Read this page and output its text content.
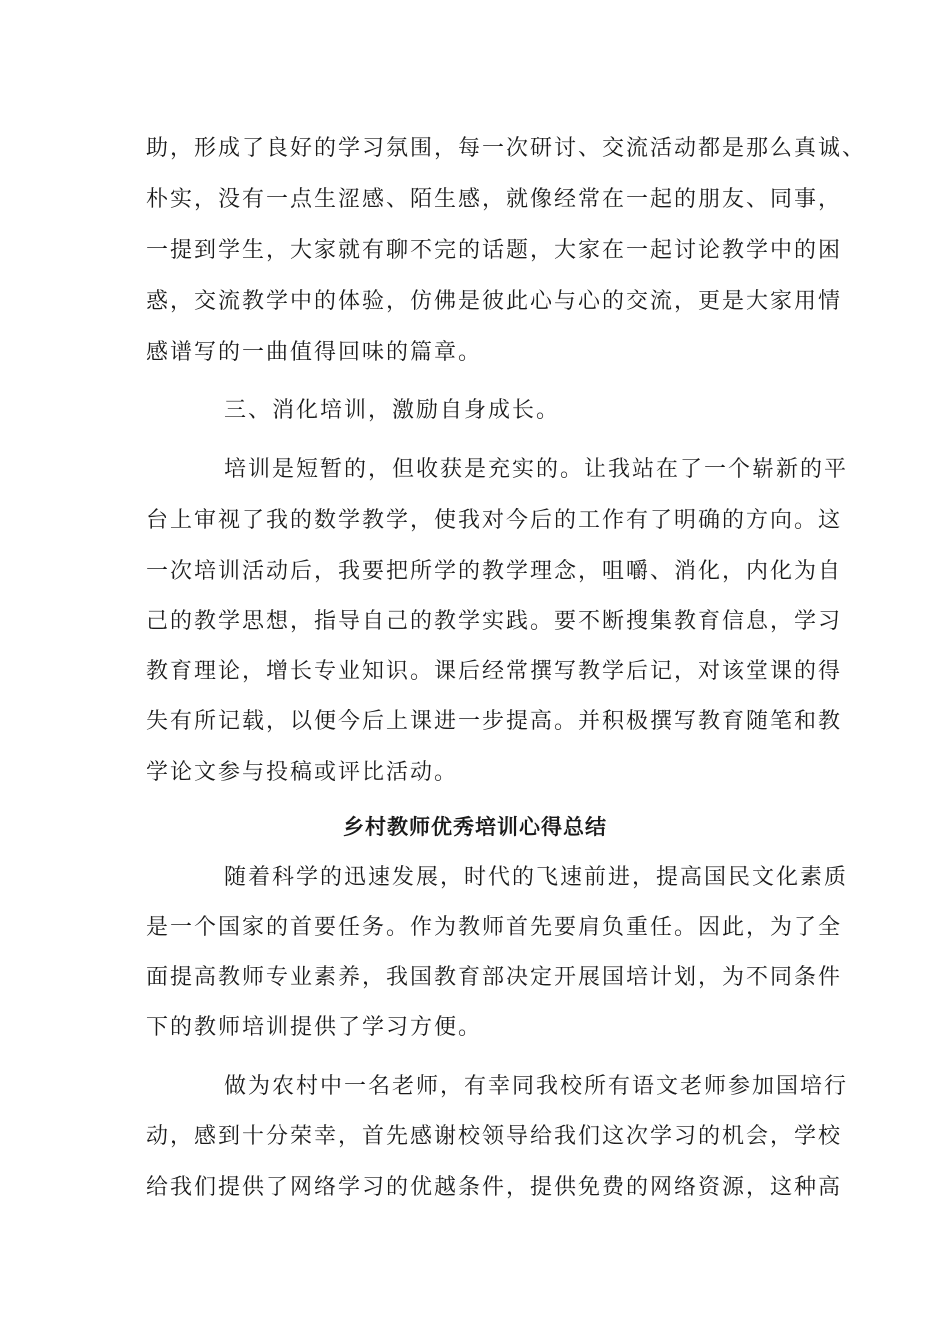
助，形成了良好的学习氛围，每一次研讨、交流活动都是那么真诚、
朴实，没有一点生涩感、陌生感，就像经常在一起的朋友、同事，
一提到学生，大家就有聊不完的话题，大家在一起讨论教学中的困
惑，交流教学中的体验，仿佛是彼此心与心的交流，更是大家用情
感谱写的一曲值得回味的篇章。
三、消化培训，激励自身成长。
培训是短暂的，但收获是充实的。让我站在了一个崭新的平
台上审视了我的数学教学，使我对今后的工作有了明确的方向。这
一次培训活动后，我要把所学的教学理念，咀嚼、消化，内化为自
己的教学思想，指导自己的教学实践。要不断搜集教育信息，学习
教育理论，增长专业知识。课后经常撰写教学后记，对该堂课的得
失有所记载，以便今后上课进一步提高。并积极撰写教育随笔和教
学论文参与投稿或评比活动。
乡村教师优秀培训心得总结
随着科学的迅速发展，时代的飞速前进，提高国民文化素质
是一个国家的首要任务。作为教师首先要肩负重任。因此，为了全
面提高教师专业素养，我国教育部决定开展国培计划，为不同条件
下的教师培训提供了学习方便。
做为农村中一名老师，有幸同我校所有语文老师参加国培行
动，感到十分荣幸，首先感谢校领导给我们这次学习的机会，学校
给我们提供了网络学习的优越条件，提供免费的网络资源，这种高
